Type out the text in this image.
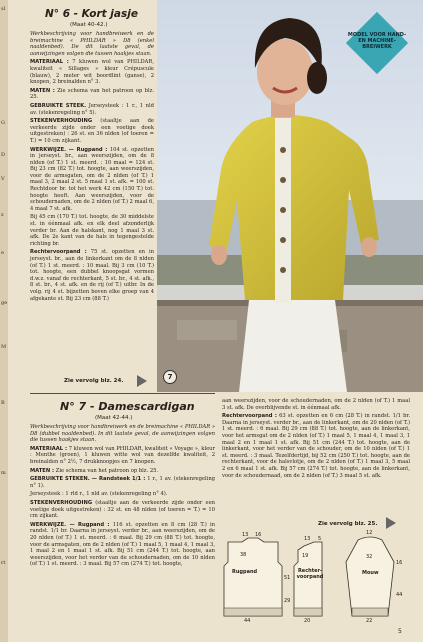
sl
G
D
V
z
e
ge
M
B
m
rt
N° 6 - Kort jasje
(Maat 40-42.)

Werkbeschrijving voor handbreiwerk en de breimachine « PHILDAR » D8 (enkel naaldenbed). De dit laatste geval, de aanwijzingen volgen die tussen haakjes staan.

MATERIAAL : 7 kluwen wol van PHILDAR, kwaliteit « Sillages » kleur Crépuscule (blauw), 2 meter wit boordlint (ganse), 2 knopen, 2 breinalden n° 3.

MATEN : Zie schema van het patroon op blz. 25.

GEBRUIKTE STEEK. Jerseysteek : 1 r., 1 nld av. (stekenregeling n° 5).

STEKENVERHOUDING (staaltje aan de verkeerde zijde onder een voetige doek uitgestreken) : 26 st. en 36 nlden (of toeren = T.) = 10 cm zijkant.

WERKWIJZE. — Rugpand : 104 st. opzetten in jerseyst. br., aan weerszijden, om de 8 nlden (of T.) 1 st. meerd. : 10 maal = 124 st. Bij 23 cm (82 T.) tot. hoogte, aan weerszijden, voor de armsgaten, om de 2 nlden (of T.) 1 maal 3, 2 maal 2 st. 5 maal 1 st. afk. = 100 st. Rechtdoor br. tot het werk 42 cm (150 T.) tot. hoogte heeft. Aan weerszijden, voor de schoudernaden, om de 2 nlden (of T.) 2 maal 6, 4 maal 7 st. afk.

Bij 45 cm (170 T.) tot. hoogte, de 30 middelste st. in éénmaal afk. en elk deel afzonderlijk verder br. Aan de halskant, nog 1 maal 3 st. afk. De 2e kant van de hals in tegengestelde richting br.

Rechtervoorpand : 75 st. opzetten en in jerseyst. br., aan de linkerkant om de 8 nlden (of T.) 1 st. meerd. : 10 maal. Bij 3 cm (10 T.) tot. hoogte, een dubbel knoopsgat vormen d.w.z. vanaf de rechterkant, 5 st. br., 4 st. afk., 8 st. br., 4 st. afk. en de rij (of T.) uitbr. In de volg. rij 4 st. bijzetten boven elke groep van 4 afgekante st. Bij 23 cm (88 T.)

Zie vervolg blz. 24.
MODEL VOOR HAND- EN MACHINE- BREIWERK
7
N° 7 - Damescardigan
(Maat 42-44.)

Werkbeschrijving voor handbreiwerk en de breimachine « PHILDAR » D8 (dubbel naaldenbed). In dit laatste geval, de aanwijzingen volgen die tussen haakjes staan.

MATERIAAL : 7 kluwen wol van PHILDAR, kwaliteit « Voyage », kleur : Menthe (groen), 1 kluwen witte wol van dezelfde kwaliteit, 2 breinalden n° 2½, 7 drukknoopjes en 7 knopen.

MATEN : Zie schema van het patroon op blz. 25.

GEBRUIKTE STEKEN. — Randsteek 1/1 : 1 r., 1 av. (stekenregeling n° 1).

Jerseysteek : 1 rld r., 1 nld av. (stekenregeling n° 4).

STEKENVERHOUDING (staaltje aan de verkeerde zijde onder een voetige doek uitgestreken) : 32 st. en 48 nlden (of toeren = T.) = 10 cm zijkant.

WERKWIJZE. — Rugpand : 116 st. opzetten en 8 cm (28 T.) in randst. 1/1 br. Daarna in jerseyst. verder br., aan weerszijden, om de 20 nlden (of T.) 1 st. meerd. : 6 maal. Bij 29 cm (88 T.) tot. hoogte, voor de armsgaten, om de 2 nlden (of T.) 1 maal 5, 1 maal 4, 1 maal 3, 1 maal 2 en 1 maal 1 st. afk. Bij 51 cm (244 T.) tot. hoogte, aan weerszijden, voor het verder van de schoudernaden, om de 10 nlden (of T.) 1 st. meerd. : 3 maal. Bij 57 cm (274 T.) tot. hoogte,

aan weerszijden, voor de schoudernaden, om de 2 nlden (of T.) 1 maal 3 st. afk. De overblijvende st. in éénmaal afk.

Rechtervoorpand : 63 st. opzetten en 6 cm (28 T.) in randst. 1/1 br. Daarna in jerseyst. verder br., aan de linkerkant, om de 20 nlden (of T.) 1 st. meerd. : 6 maal. Bij 29 cm (88 T.) tot. hoogte, aan de linkerkant, voor het armsgat om de 2 nlden (of T.) 1 maal 5, 1 maal 4, 1 maal 3, 1 maal 2 en 1 maal 1 st. afk. Bij 51 cm (244 T.) tot. hoogte, aan de linkerkant, voor het verder van de schouder, om de 10 nlden (of T.) 1 st. meerd. : 3 maal. Tezelfdertijd, bij 52 cm (250 T.) tot. hoogte, aan de rechterkant, voor de halsvlotje, om de 2 nlden (of T.) 1 maal 3, 5 maal 2 en 6 maal 1 st. afk. Bij 57 cm (274 T.) tot. hoogte, aan de linkerkant, voor de schoudernaad, om de 2 nlden (of T.) 3 maal 5 st. afk.

Zie vervolg blz. 25.
Rugpand	Rechter- voorpand
Mouw
13 16
38
44
51
29
13 5
19
20
12
32
22
16
44
5
